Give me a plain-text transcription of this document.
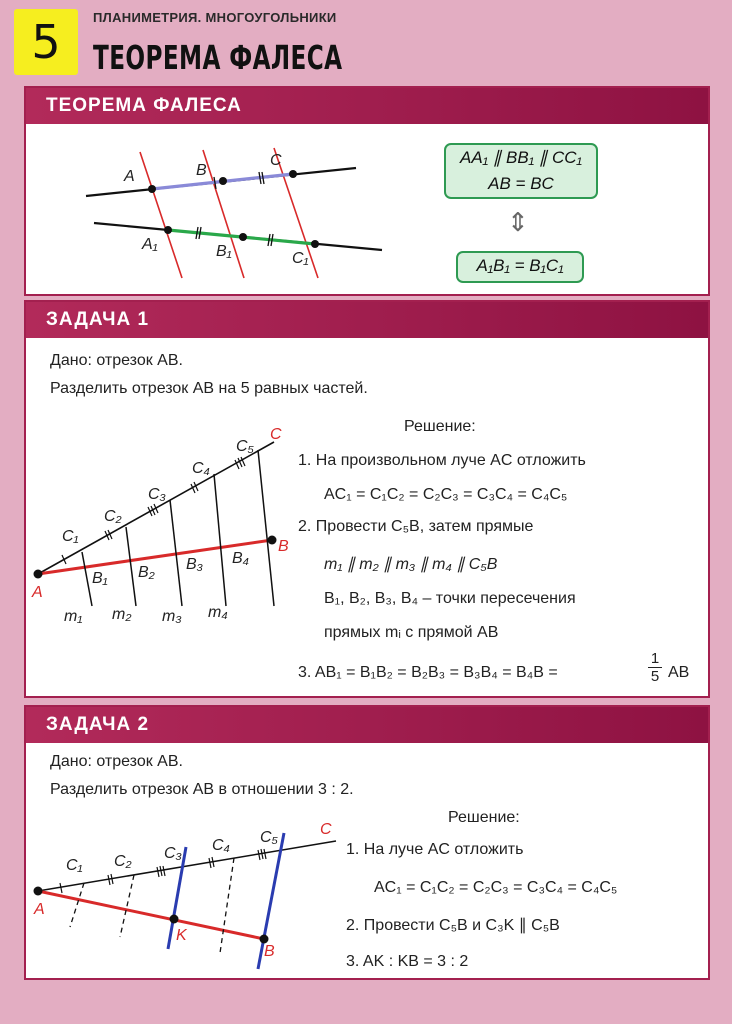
5	ПЛАНИМЕТРИЯ. МНОГОУГОЛЬНИКИ
ТЕОРЕМА ФАЛЕСА
ТЕОРЕМА ФАЛЕСА
A	B
C
A₁	B₁	C₁
AA₁ ∥ BB₁ ∥ CC₁
AB = BC
⇕
A₁B₁ = B₁C₁
ЗАДАЧА 1
Дано: отрезок AB.
Разделить отрезок AB на 5 равных частей.
A
B
C
C₁
C₂
C₃
C₄
C₅
B₁ B₂ B₃ B₄
m₁ m₂ m₃ m₄
Решение:
1. На произвольном луче AC отложить
AC₁ = C₁C₂ = C₂C₃ = C₃C₄ = C₄C₅
2. Провести C₅B, затем прямые
m₁ ∥ m₂ ∥ m₃ ∥ m₄ ∥ C₅B
B₁, B₂, B₃, B₄ – точки пересечения
прямых mᵢ с прямой AB
3. AB₁ = B₁B₂ = B₂B₃ = B₃B₄ = B₄B =	$\frac{1}{5}$ AB
ЗАДАЧА 2
Дано: отрезок AB.
Разделить отрезок AB в отношении 3 : 2.
A
B
C
K
C₁ C₂ C₃ C₄ C₅
Решение:
1. На луче AC отложить
AC₁ = C₁C₂ = C₂C₃ = C₃C₄ = C₄C₅
2. Провести C₅B и C₃K ∥ C₅B
3. AK : KB = 3 : 2
